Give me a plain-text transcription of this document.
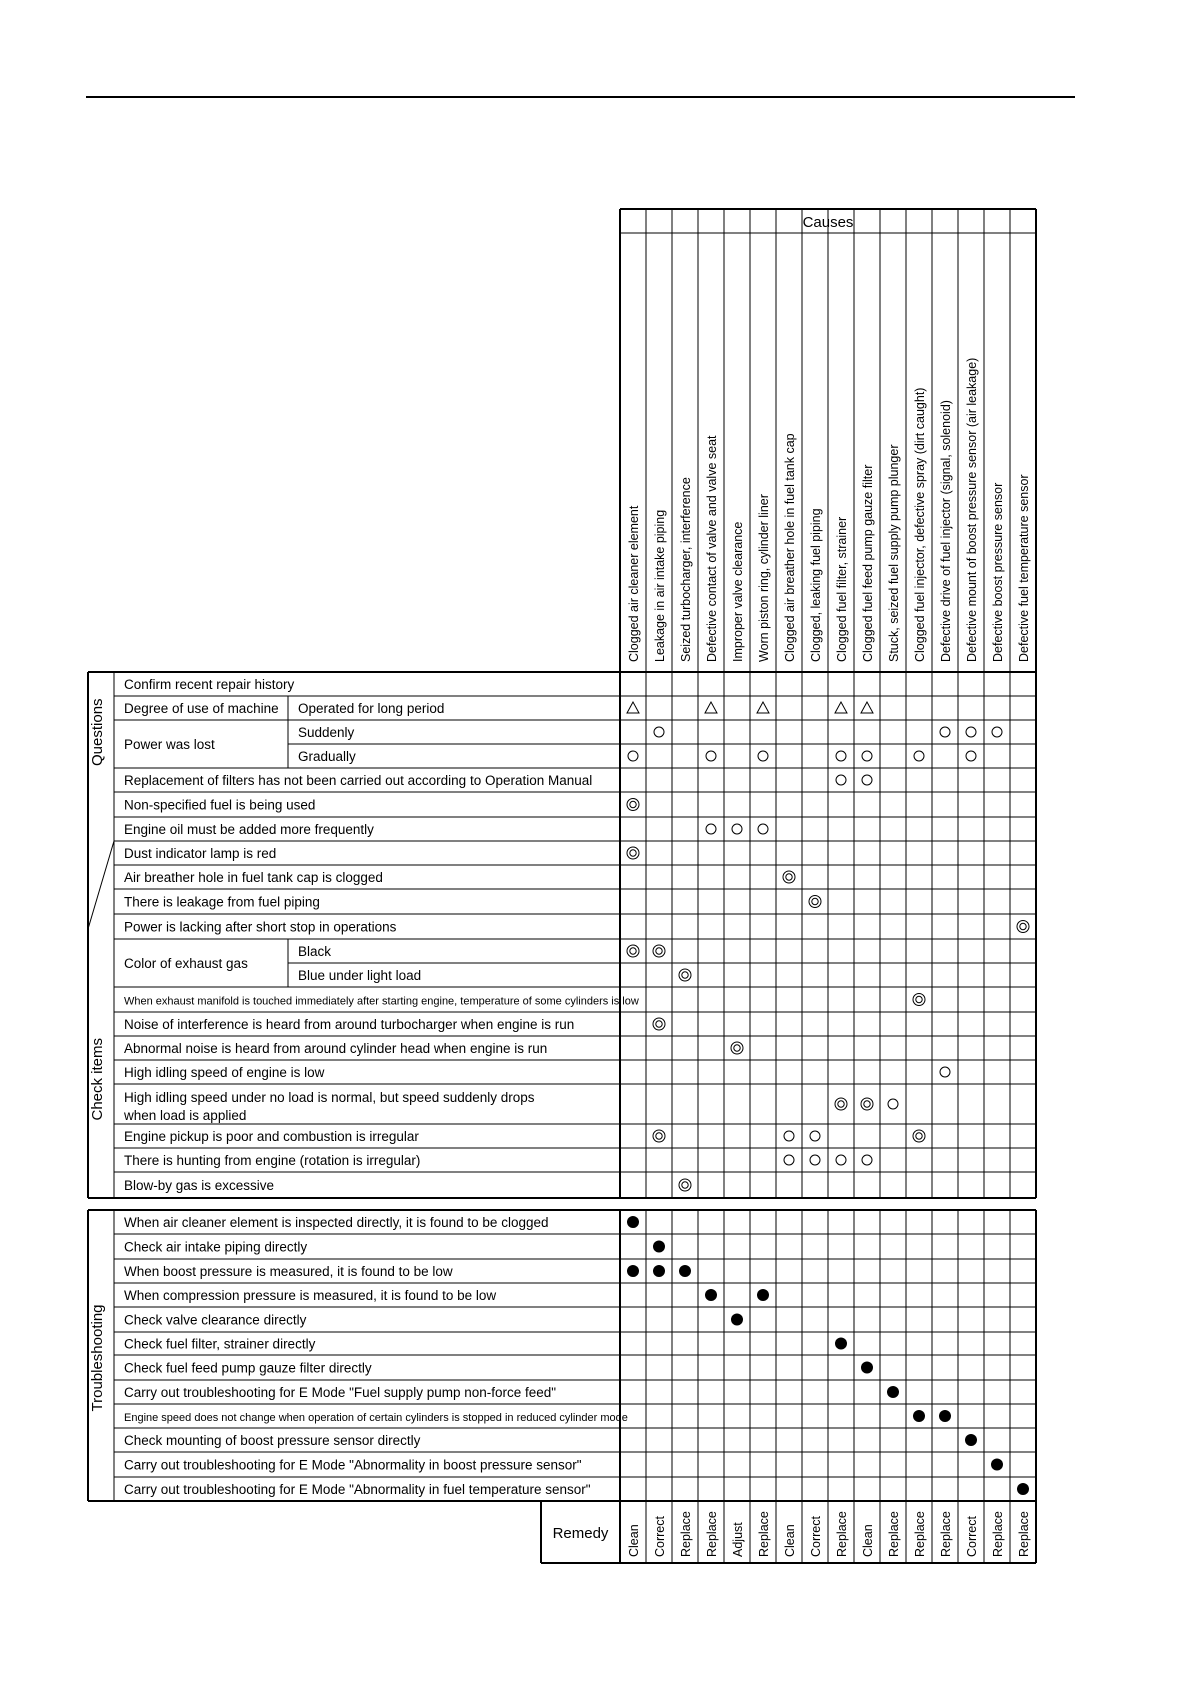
Causes
Clogged air cleaner element Leakage in air intake piping Seized turbocharger, interference Defective contact of valve and valve seat Improper valve clearance Worn piston ring, cylinder liner Clogged air breather hole in fuel tank cap Clogged, leaking fuel piping Clogged fuel filter, strainer Clogged fuel feed pump gauze filter Stuck, seized fuel supply pump plunger Clogged fuel injector, defective spray (dirt caught) Defective drive of fuel injector (signal, solenoid) Defective mount of boost pressure sensor (air leakage) Defective boost pressure sensor Defective fuel temperature sensor
Confirm recent repair history
Degree of use of machine Operated for long period
Power was lost
Suddenly
Gradually
Replacement of filters has not been carried out according to Operation Manual
Non-specified fuel is being used
Engine oil must be added more frequently
Dust indicator lamp is red
Air breather hole in fuel tank cap is clogged
There is leakage from fuel piping
Power is lacking after short stop in operations
Color of exhaust gas
Black
Blue under light load
When exhaust manifold is touched immediately after starting engine, temperature of some cylinders is low
Noise of interference is heard from around turbocharger when engine is run
Abnormal noise is heard from around cylinder head when engine is run
High idling speed of engine is low
High idling speed under no load is normal, but speed suddenly drops
when load is applied
Engine pickup is poor and combustion is irregular
There is hunting from engine (rotation is irregular)
Blow-by gas is excessive
Questions
Check items
When air cleaner element is inspected directly, it is found to be clogged
Check air intake piping directly
When boost pressure is measured, it is found to be low
When compression pressure is measured, it is found to be low
Check valve clearance directly
Check fuel filter, strainer directly
Check fuel feed pump gauze filter directly
Carry out troubleshooting for E Mode "Fuel supply pump non-force feed"
Engine speed does not change when operation of certain cylinders is stopped in reduced cylinder mode
Check mounting of boost pressure sensor directly
Carry out troubleshooting for E Mode "Abnormality in boost pressure sensor"
Carry out troubleshooting for E Mode "Abnormality in fuel temperature sensor"
Troubleshooting
Remedy Clean Correct Replace Replace Adjust Replace Clean Correct Replace Clean Replace Replace Replace Correct Replace Replace
